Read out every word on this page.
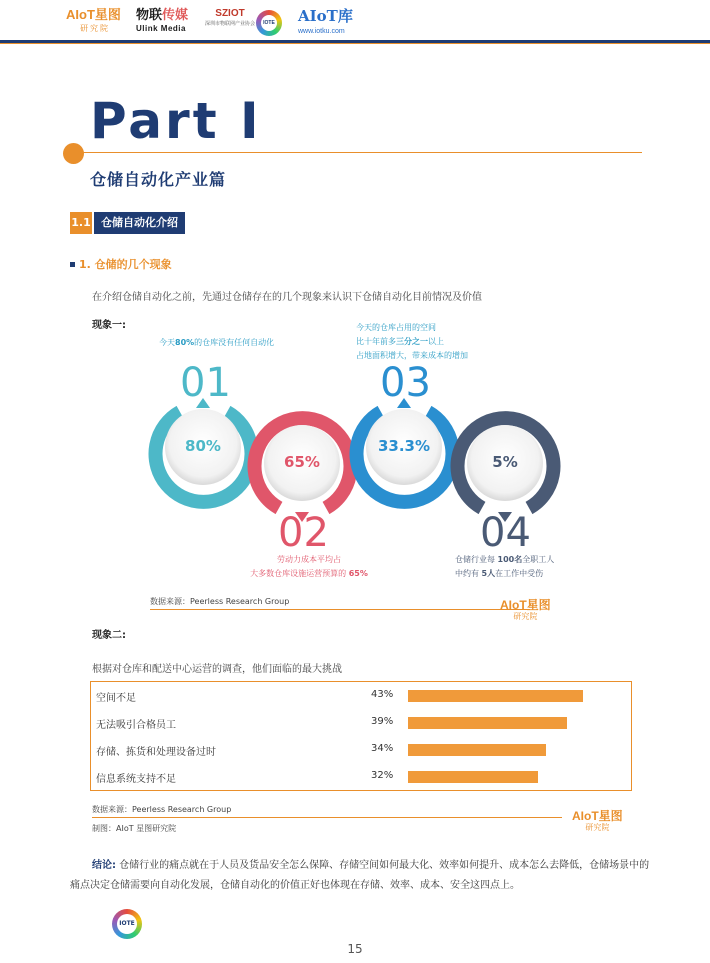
AIoT星图
研究院
物联传媒
Ulink Media
SZIOT
深圳市物联网产业协会	IOTE AIoT库
www.iotku.com
Part Ⅰ
仓储自动化产业篇
1.1 仓储自动化介绍
1. 仓储的几个现象
在介绍仓储自动化之前，先通过仓储存在的几个现象来认识下仓储自动化目前情况及价值
现象一:
80%
65%
33.3%
5%
01
02
03
04
今天80%的仓库没有任何自动化
今天的仓库占用的空间
比十年前多三分之一以上
占地面积增大，带来成本的增加
劳动力成本平均占
大多数仓库设施运营预算的 65%
仓储行业每 100名全职工人
中约有 5人在工作中受伤
数据来源：Peerless Research Group	AIoT星图
研究院
现象二:
根据对仓库和配送中心运营的调查，他们面临的最大挑战
空间不足	43%
无法吸引合格员工	39%
存储、拣货和处理设备过时	34%
信息系统支持不足	32%
数据来源：Peerless Research Group
制图：AIoT 星图研究院
AIoT星图
研究院
结论: 仓储行业的痛点就在于人员及货品安全怎么保障、存储空间如何最大化、效率如何提升、成本怎么去降低，仓储场景中的痛点决定仓储需要向自动化发展，仓储自动化的价值正好也体现在存储、效率、成本、安全这四点上。
IOTE
15
